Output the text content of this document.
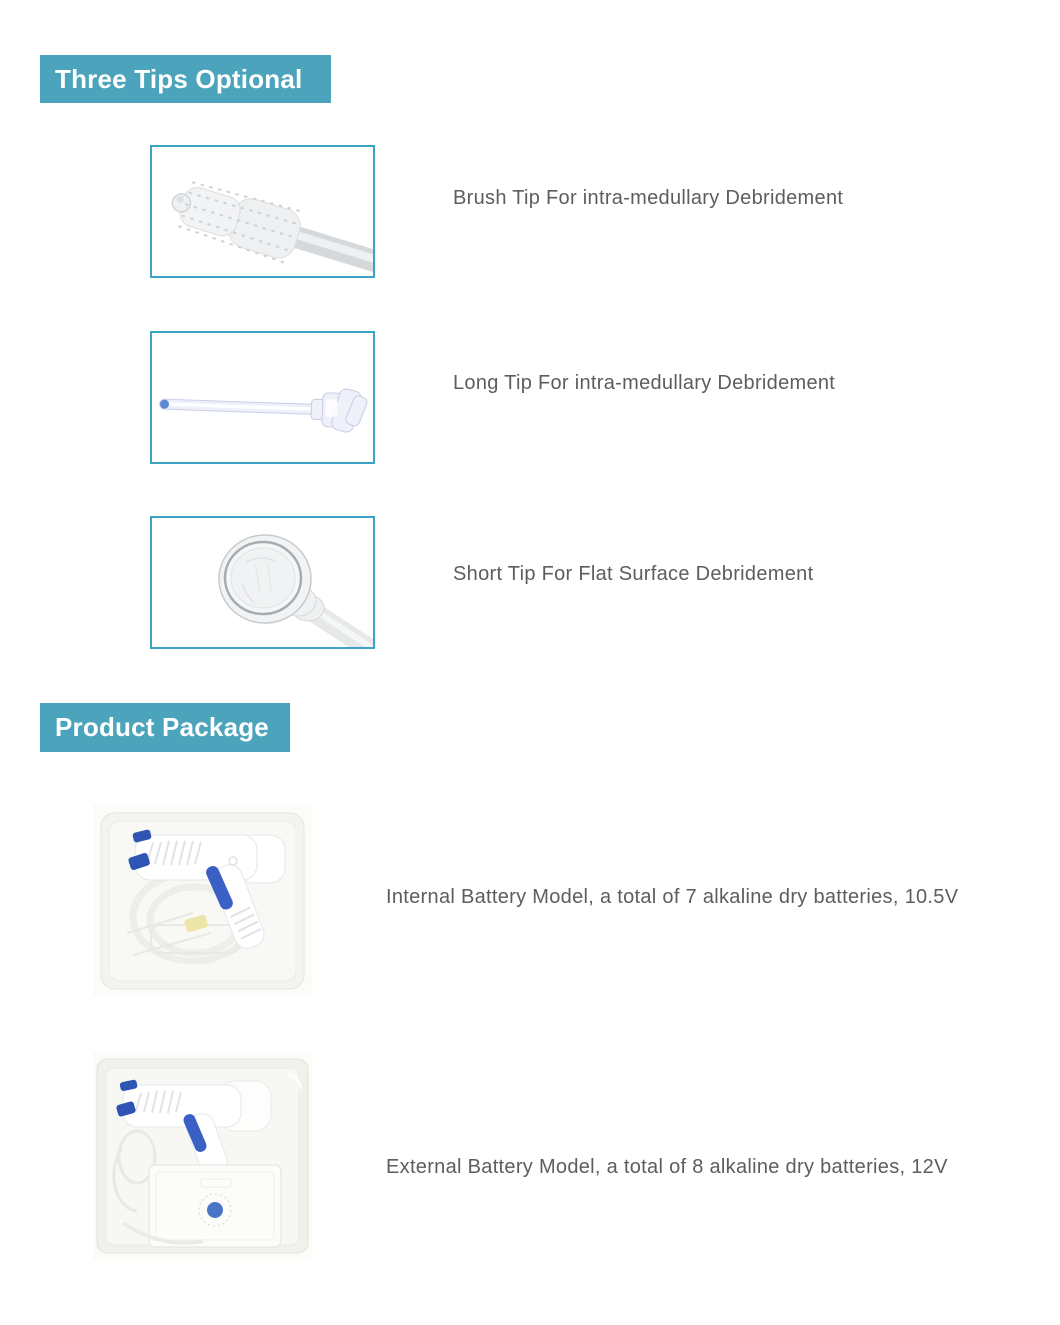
Three Tips Optional
Brush Tip For intra-medullary Debridement
Long Tip For intra-medullary Debridement
Short Tip For Flat Surface Debridement
Product Package
Internal Battery Model, a total of 7 alkaline dry batteries, 10.5V
External Battery Model, a total of 8 alkaline dry batteries, 12V
